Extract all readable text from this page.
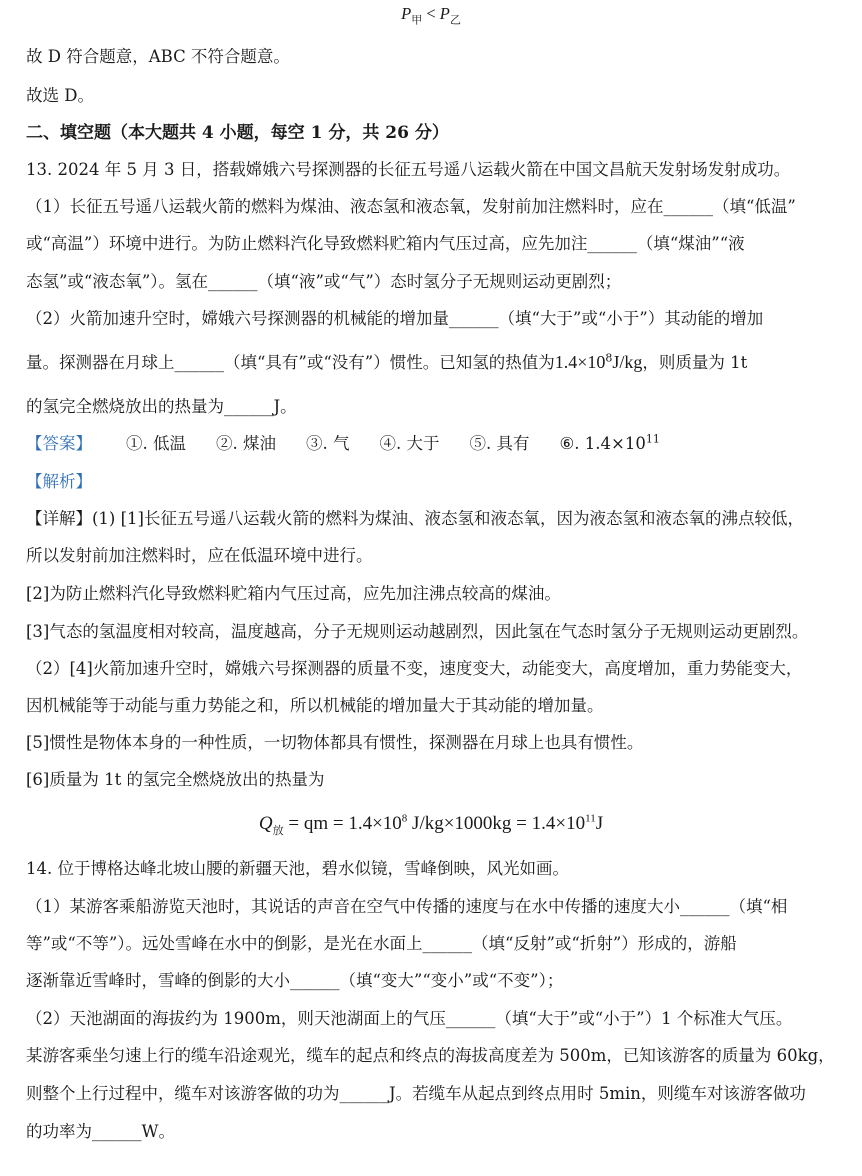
$P_甲 < P_乙$
故 D 符合题意，ABC 不符合题意。
故选 D。
二、填空题（本大题共 4 小题，每空 1 分，共 26 分）
13. 2024 年 5 月 3 日，搭载嫦娥六号探测器的长征五号遥八运载火箭在中国文昌航天发射场发射成功。
（1）长征五号遥八运载火箭的燃料为煤油、液态氢和液态氧，发射前加注燃料时，应在______（填“低温”
或“高温”）环境中进行。为防止燃料汽化导致燃料贮箱内气压过高，应先加注______（填“煤油”“液
态氢”或“液态氧”）。氢在______（填“液”或“气”）态时氢分子无规则运动更剧烈；
（2）火箭加速升空时，嫦娥六号探测器的机械能的增加量______（填“大于”或“小于”）其动能的增加
量。探测器在月球上______（填“具有”或“没有”）惯性。已知氢的热值为$1.4\times 10^8J/kg$，则质量为 1t
的氢完全燃烧放出的热量为______J。
【答案】 ①. 低温 ②. 煤油 ③. 气 ④. 大于 ⑤. 具有 ⑥. $1.4\times 10^{11}$
【解析】
【详解】(1) [1]长征五号遥八运载火箭的燃料为煤油、液态氢和液态氧，因为液态氢和液态氧的沸点较低，
所以发射前加注燃料时，应在低温环境中进行。
[2]为防止燃料汽化导致燃料贮箱内气压过高，应先加注沸点较高的煤油。
[3]气态的氢温度相对较高，温度越高，分子无规则运动越剧烈，因此氢在气态时氢分子无规则运动更剧烈。
（2）[4]火箭加速升空时，嫦娥六号探测器的质量不变，速度变大，动能变大，高度增加，重力势能变大，
因机械能等于动能与重力势能之和，所以机械能的增加量大于其动能的增加量。
[5]惯性是物体本身的一种性质，一切物体都具有惯性，探测器在月球上也具有惯性。
[6]质量为 1t 的氢完全燃烧放出的热量为
$Q_放$ = qm = $1.4\times 10^8$ $J/kg\times 1000kg = 1.4\times 10^{11}J$
14. 位于博格达峰北坡山腰的新疆天池，碧水似镜，雪峰倒映，风光如画。
（1）某游客乘船游览天池时，其说话的声音在空气中传播的速度与在水中传播的速度大小______（填“相
等”或“不等”）。远处雪峰在水中的倒影，是光在水面上______（填“反射”或“折射”）形成的，游船
逐渐靠近雪峰时，雪峰的倒影的大小______（填“变大”“变小”或“不变”）；
（2）天池湖面的海拔约为 1900m，则天池湖面上的气压______（填“大于”或“小于”）1 个标准大气压。
某游客乘坐匀速上行的缆车沿途观光，缆车的起点和终点的海拔高度差为 500m，已知该游客的质量为 60kg，
则整个上行过程中，缆车对该游客做的功为______J。若缆车从起点到终点用时 5min，则缆车对该游客做功
的功率为______W。
